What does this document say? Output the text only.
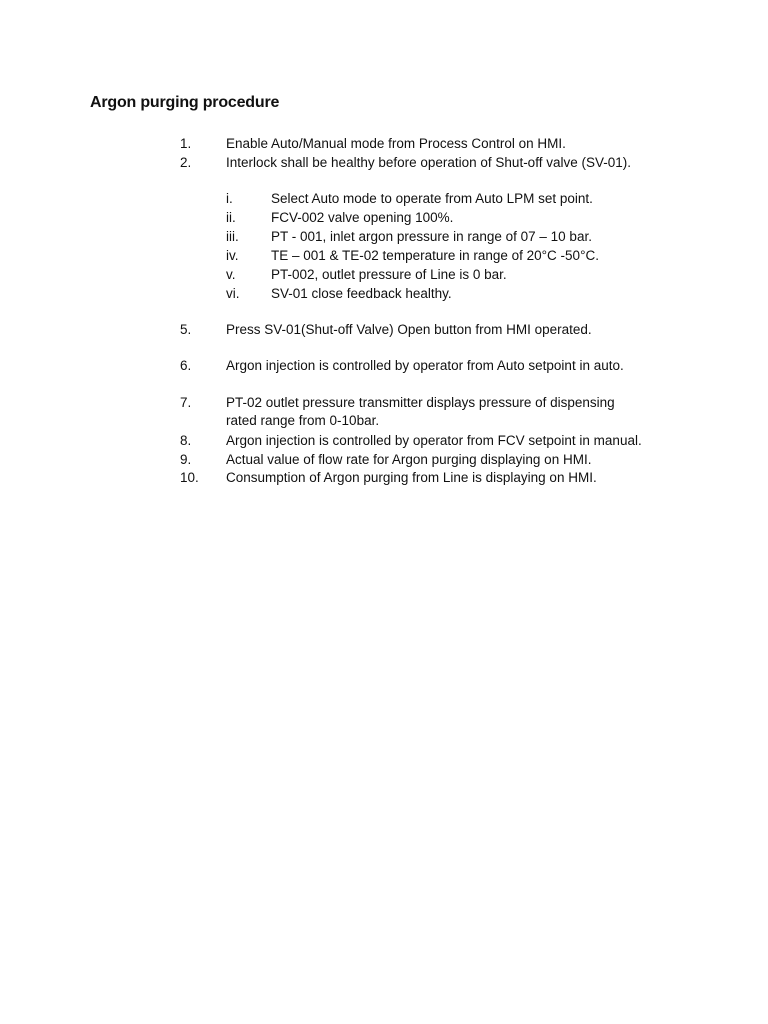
Argon purging procedure
1.	Enable Auto/Manual mode from Process Control on HMI.
2.	Interlock shall be healthy before operation of Shut-off valve (SV-01).
i.	Select Auto mode to operate from Auto LPM set point.
ii.	FCV-002 valve opening 100%.
iii. PT - 001, inlet argon pressure in range of 07 – 10 bar.
iv. TE – 001 & TE-02 temperature in range of 20°C -50°C.
v.	PT-002, outlet pressure of Line is 0 bar.
vi. SV-01 close feedback healthy.
5.	Press SV-01(Shut-off Valve) Open button from HMI operated.
6.	Argon injection is controlled by operator from Auto setpoint in auto.
7.	PT-02 outlet pressure transmitter displays pressure of dispensing
rated range from 0-10bar.
8.	Argon injection is controlled by operator from FCV setpoint in manual.
9.	Actual value of flow rate for Argon purging displaying on HMI.
10. Consumption of Argon purging from Line is displaying on HMI.
